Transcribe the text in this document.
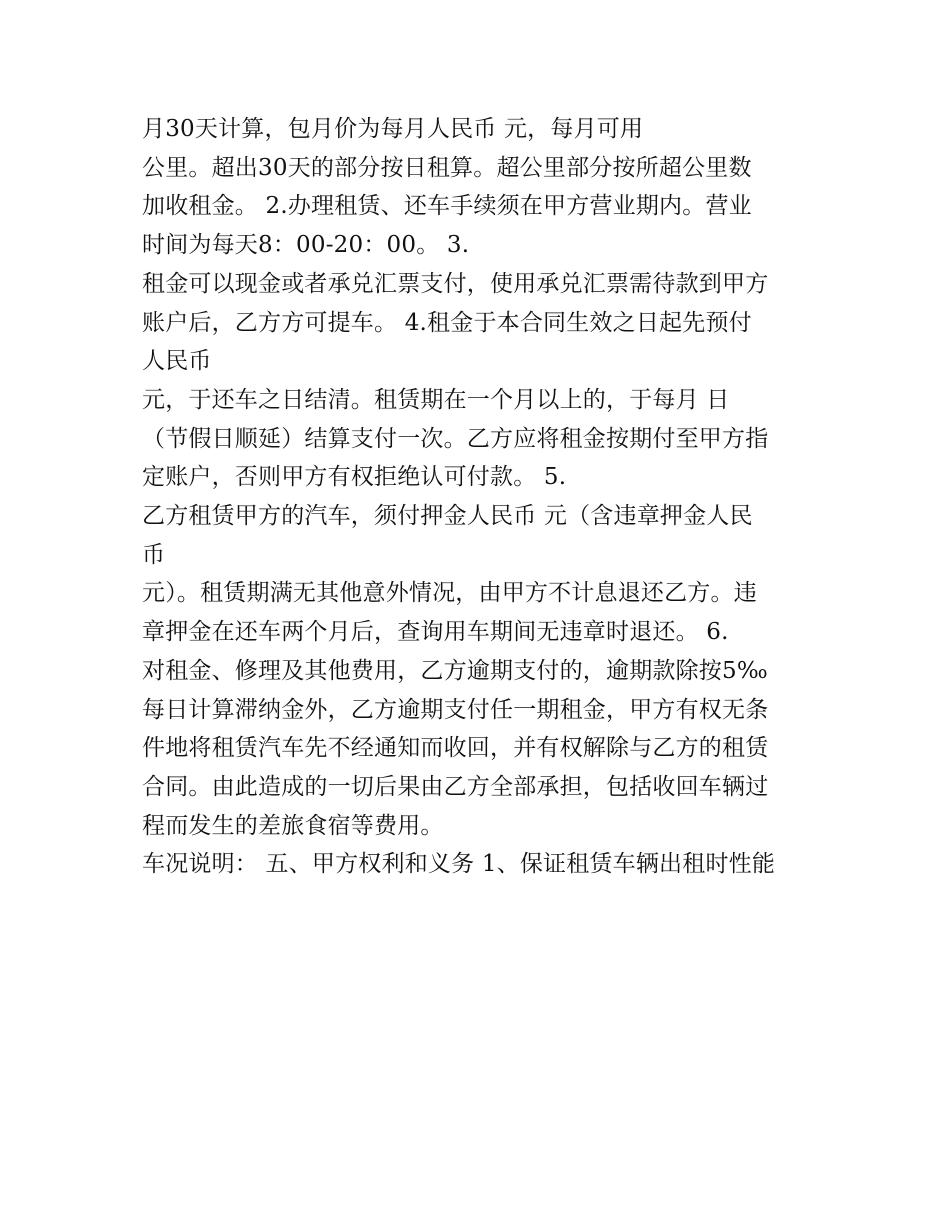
月30天计算，包月价为每月人民币 元，每月可用
公里。超出30天的部分按日租算。超公里部分按所超公里数
加收租金。 2.办理租赁、还车手续须在甲方营业期内。营业
时间为每天8：00-20：00。 3.
租金可以现金或者承兑汇票支付，使用承兑汇票需待款到甲方
账户后，乙方方可提车。 4.租金于本合同生效之日起先预付
人民币
元，于还车之日结清。租赁期在一个月以上的，于每月 日
（节假日顺延）结算支付一次。乙方应将租金按期付至甲方指
定账户，否则甲方有权拒绝认可付款。 5.
乙方租赁甲方的汽车，须付押金人民币 元（含违章押金人民
币
元）。租赁期满无其他意外情况，由甲方不计息退还乙方。违
章押金在还车两个月后，查询用车期间无违章时退还。 6.
对租金、修理及其他费用，乙方逾期支付的，逾期款除按5‰
每日计算滞纳金外，乙方逾期支付任一期租金，甲方有权无条
件地将租赁汽车先不经通知而收回，并有权解除与乙方的租赁
合同。由此造成的一切后果由乙方全部承担，包括收回车辆过
程而发生的差旅食宿等费用。
车况说明： 五、甲方权利和义务 1、保证租赁车辆出租时性能
